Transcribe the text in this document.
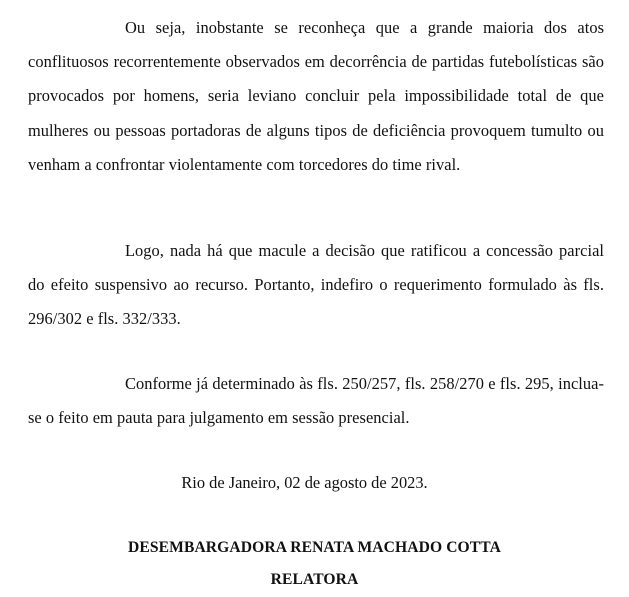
Ou seja, inobstante se reconheça que a grande maioria dos atos conflituosos recorrentemente observados em decorrência de partidas futebolísticas são provocados por homens, seria leviano concluir pela impossibilidade total de que mulheres ou pessoas portadoras de alguns tipos de deficiência provoquem tumulto ou venham a confrontar violentamente com torcedores do time rival.

Logo, nada há que macule a decisão que ratificou a concessão parcial do efeito suspensivo ao recurso. Portanto, indefiro o requerimento formulado às fls. 296/302 e fls. 332/333.

Conforme já determinado às fls. 250/257, fls. 258/270 e fls. 295, inclua-se o feito em pauta para julgamento em sessão presencial.

Rio de Janeiro, 02 de agosto de 2023.

DESEMBARGADORA RENATA MACHADO COTTA

RELATORA
